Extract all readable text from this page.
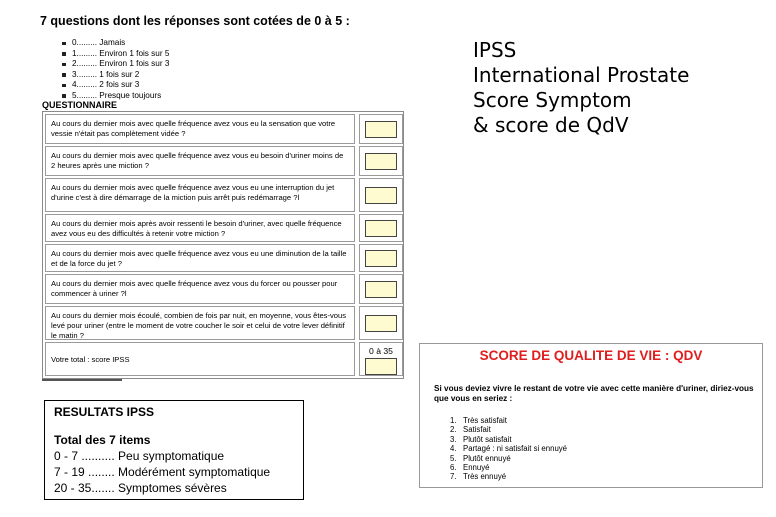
7 questions dont les réponses sont cotées de 0 à 5 :
0......... Jamais
1......... Environ 1 fois sur 5
2......... Environ 1 fois sur 3
3......... 1 fois sur 2
4......... 2 fois sur 3
5......... Presque toujours
QUESTIONNAIRE
Au cours du dernier mois avec quelle fréquence avez vous eu la sensation que votre vessie n'était pas complètement vidée ?
Au cours du dernier mois avec quelle fréquence avez vous eu besoin d'uriner moins de 2 heures après une miction ?
Au cours du dernier mois avec quelle fréquence avez vous eu une interruption du jet d'urine c'est à dire démarrage de la miction puis arrêt puis redémarrage ?l
Au cours du dernier mois après avoir ressenti le besoin d'uriner, avec quelle fréquence avez vous eu des difficultés à retenir votre miction ?
Au cours du dernier mois avec quelle fréquence avez vous eu une diminution de la taille et de la force du jet ?
Au cours du dernier mois avec quelle fréquence avez vous du forcer ou pousser pour commencer à uriner ?l
Au cours du dernier mois écoulé, combien de fois par nuit, en moyenne, vous êtes-vous levé pour uriner (entre le moment de votre coucher le soir et celui de votre lever définitif le matin ?
Votre total : score IPSS
0 à 35
IPSS
International Prostate
Score Symptom
& score de QdV
RESULTATS IPSS
Total des 7 items
0 - 7 .......... Peu symptomatique
7 - 19 ........ Modérément symptomatique
20 - 35....... Symptomes sévères
SCORE DE QUALITE DE VIE : QDV
Si vous deviez vivre le restant de votre vie avec cette manière d'uriner, diriez-vous que vous en seriez :
1. Très satisfait
2. Satisfait
3. Plutôt satisfait
4. Partagé : ni satisfait si ennuyé
5. Plutôt ennuyé
6. Ennuyé
7. Très ennuyé
